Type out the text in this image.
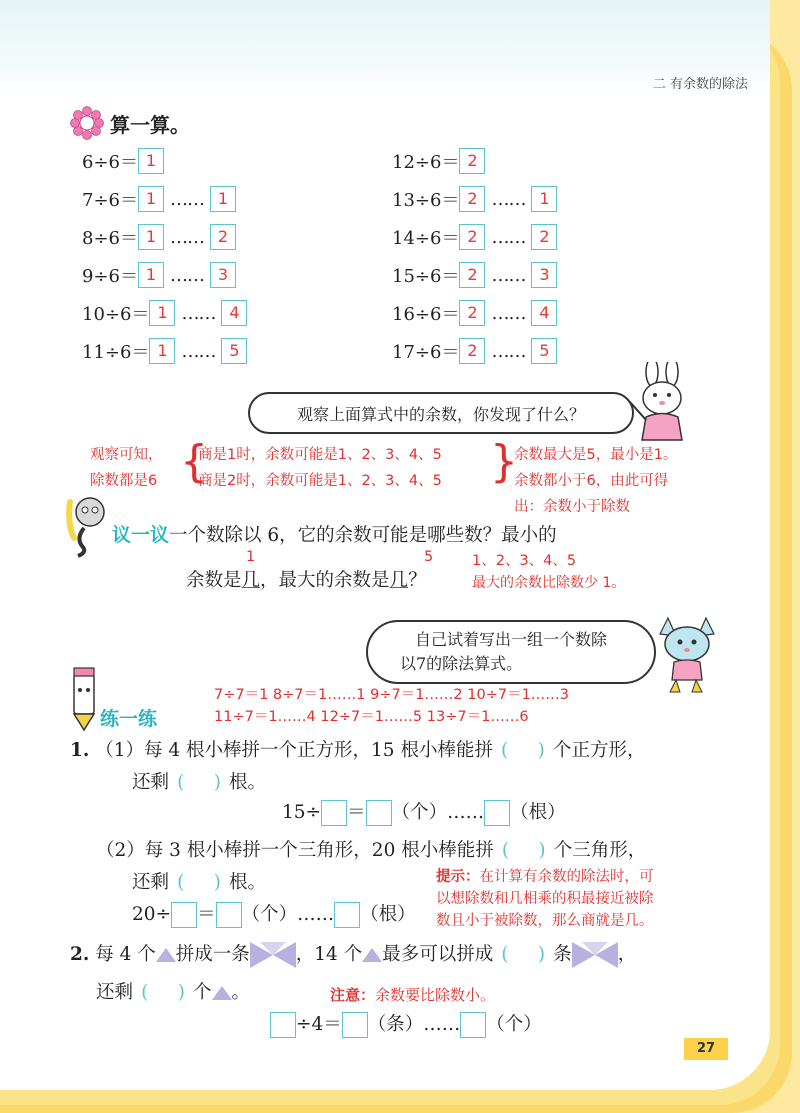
二 有余数的除法
算一算。
6÷6＝ 1
7÷6＝ 1 …… 1
8÷6＝ 1 …… 2
9÷6＝ 1 …… 3
10÷6＝ 1 …… 4
11÷6＝ 1 …… 5
12÷6＝ 2
13÷6＝ 2 …… 1
14÷6＝ 2 …… 2
15÷6＝ 2 …… 3
16÷6＝ 2 …… 4
17÷6＝ 2 …… 5
观察上面算式中的余数，你发现了什么？
观察可知，
除数都是6 {
商是1时，余数可能是1、2、3、4、5
商是2时，余数可能是1、2、3、4、5 }
余数最大是5，最小是1。
余数都小于6，由此可得
出：余数小于除数
议一议一个数除以 6，它的余数可能是哪些数？最小的
余数是几，最大的余数是几？
1	5	1、2、3、4、5
最大的余数比除数少 1。
自己试着写出一组一个数除
以7的除法算式。
练一练
7÷7＝1 8÷7＝1……1 9÷7＝1……2 10÷7＝1……3
11÷7＝1……4 12÷7＝1……5 13÷7＝1……6
1. （1）每 4 根小棒拼一个正方形，15 根小棒能拼 (     ) 个正方形，
还剩 (     ) 根。
15÷ ＝ （个）…… （根）
（2）每 3 根小棒拼一个三角形，20 根小棒能拼 (     ) 个三角形，
还剩 (     ) 根。
20÷ ＝ （个）…… （根）
提示：在计算有余数的除法时，可
以想除数和几相乘的积最接近被除
数且小于被除数，那么商就是几。
2.
每 4 个 拼成一条 ，14 个 最多可以拼成 (     ) 条 ，
还剩 (     ) 个 。	注意：余数要比除数小。
÷4＝ （条）…… （个）
27
